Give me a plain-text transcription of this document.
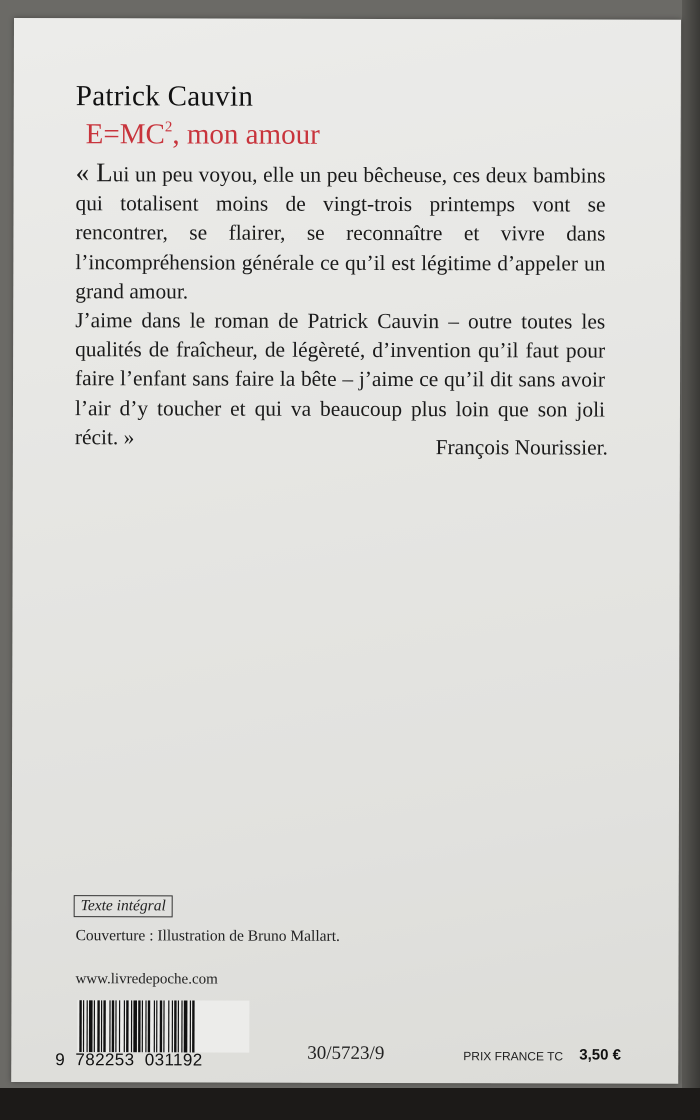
Patrick Cauvin
$E=MC^2$, mon amour

« Lui un peu voyou, elle un peu bêcheuse, ces deux bambins qui totalisent moins de vingt-trois printemps vont se rencontrer, se flairer, se reconnaître et vivre dans l’incompréhension générale ce qu’il est légitime d’appeler un grand amour.

J’aime dans le roman de Patrick Cauvin – outre toutes les qualités de fraîcheur, de légèreté, d’invention qu’il faut pour faire l’enfant sans faire la bête – j’aime ce qu’il dit sans avoir l’air d’y toucher et qui va beaucoup plus loin que son joli récit. »	François Nourissier.
Texte intégral
Couverture : Illustration de Bruno Mallart.
www.livredepoche.com
9  782253  031192	30/5723/9	PRIX FRANCE TC 3,50 €
